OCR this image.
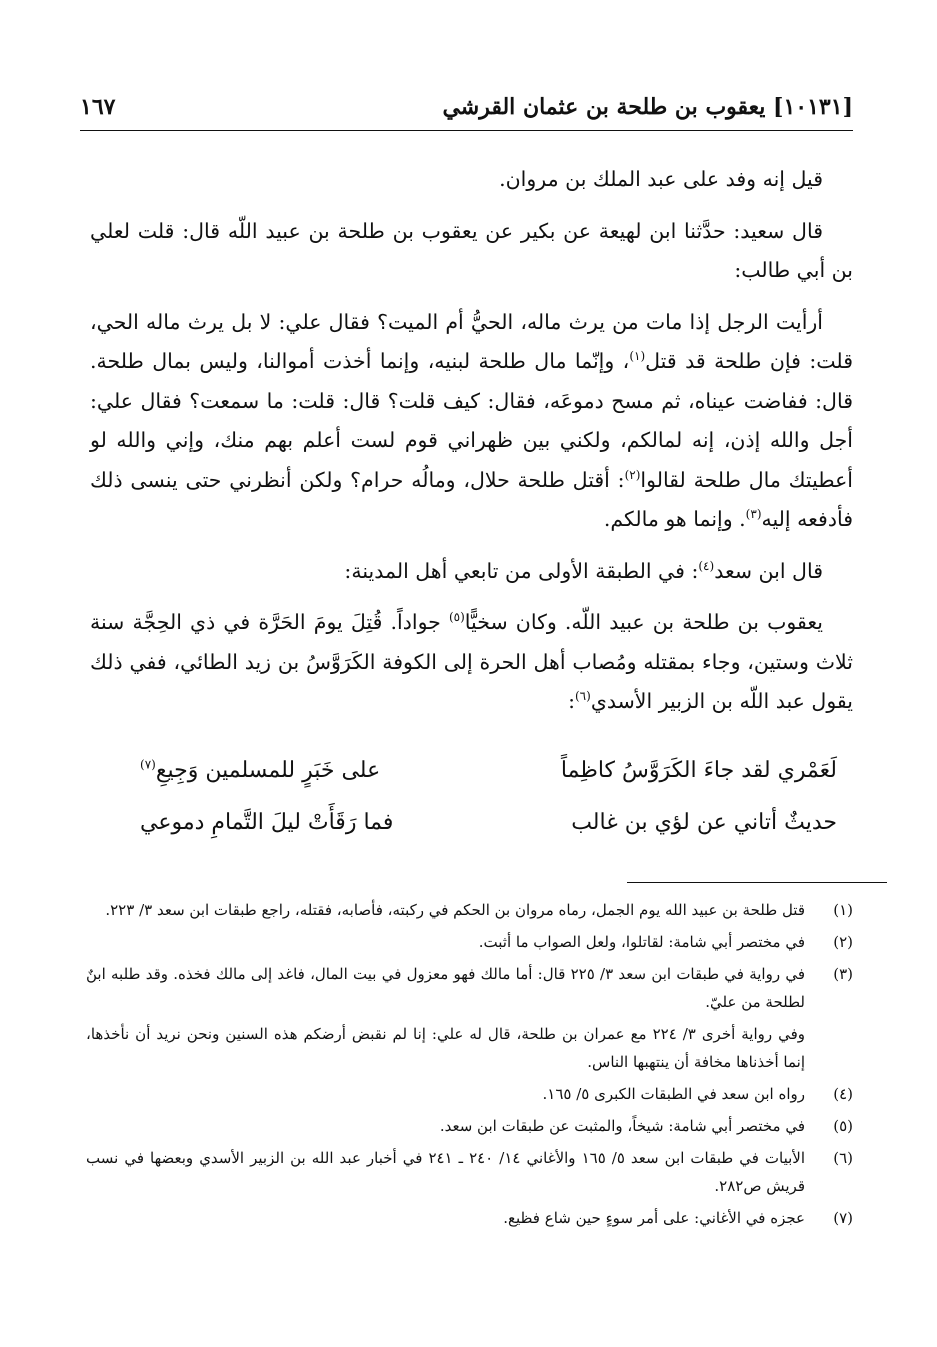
[١٠١٣١] يعقوب بن طلحة بن عثمان القرشي
١٦٧

قيل إنه وفد على عبد الملك بن مروان.

قال سعيد: حدَّثنا ابن لهيعة عن بكير عن يعقوب بن طلحة بن عبيد اللّه قال: قلت لعلي بن أبي طالب:

أرأيت الرجل إذا مات من يرث ماله، الحيُّ أم الميت؟ فقال علي: لا بل يرث ماله الحي، قلت: فإن طلحة قد قتل$^{(١)}$، وإنّما مال طلحة لبنيه، وإنما أخذت أموالنا، وليس بمال طلحة. قال: ففاضت عيناه، ثم مسح دموعَه، فقال: كيف قلت؟ قال: قلت: ما سمعت؟ فقال علي: أجل والله إذن، إنه لمالكم، ولكني بين ظهراني قوم لست أعلم بهم منك، وإني والله لو أعطيتك مال طلحة لقالوا$^{(٢)}$: أقتل طلحة حلال، ومالُه حرام؟ ولكن أنظرني حتى ينسى ذلك فأدفعه إليه$^{(٣)}$. وإنما هو مالكم.

قال ابن سعد$^{(٤)}$: في الطبقة الأولى من تابعي أهل المدينة:

يعقوب بن طلحة بن عبيد اللّه. وكان سخيًّا$^{(٥)}$ جواداً. قُتِلَ يومَ الحَرَّة في ذي الحِجَّة سنة ثلاث وستين، وجاء بمقتله ومُصاب أهل الحرة إلى الكوفة الكَرَوَّسُ بن زيد الطائي، ففي ذلك يقول عبد اللّه بن الزبير الأسدي$^{(٦)}$:

لَعَمْري لقد جاءَ الكَرَوَّسُ كاظِماً
على خَبَرٍ للمسلمين وَجِيعِ$^{(٧)}$
حديثٌ أتاني عن لؤي بن غالب
فما رَقَأَتْ ليلَ التَّمامِ دموعي
(١)
قتل طلحة بن عبيد الله يوم الجمل، رماه مروان بن الحكم في ركبته، فأصابه، فقتله، راجع طبقات ابن سعد ٣/ ٢٢٣.
(٢)
في مختصر أبي شامة: لقاتلوا، ولعل الصواب ما أثبت.
(٣)
في رواية في طبقات ابن سعد ٣/ ٢٢٥ قال: أما مالك فهو معزول في بيت المال، فاغد إلى مالك فخذه. وقد طلبه ابنٌ لطلحة من عليّ.
وفي رواية أخرى ٣/ ٢٢٤ مع عمران بن طلحة، قال له علي: إنا لم نقبض أرضكم هذه السنين ونحن نريد أن نأخذها، إنما أخذناها مخافة أن ينتهبها الناس.
(٤)
رواه ابن سعد في الطبقات الكبرى ٥/ ١٦٥.
(٥)
في مختصر أبي شامة: شيخاً، والمثبت عن طبقات ابن سعد.
(٦)
الأبيات في طبقات ابن سعد ٥/ ١٦٥ والأغاني ١٤/ ٢٤٠ ـ ٢٤١ في أخبار عبد الله بن الزبير الأسدي وبعضها في نسب قريش ص٢٨٢.
(٧)
عجزه في الأغاني: على أمر سوءٍ حين شاع فظيع.
